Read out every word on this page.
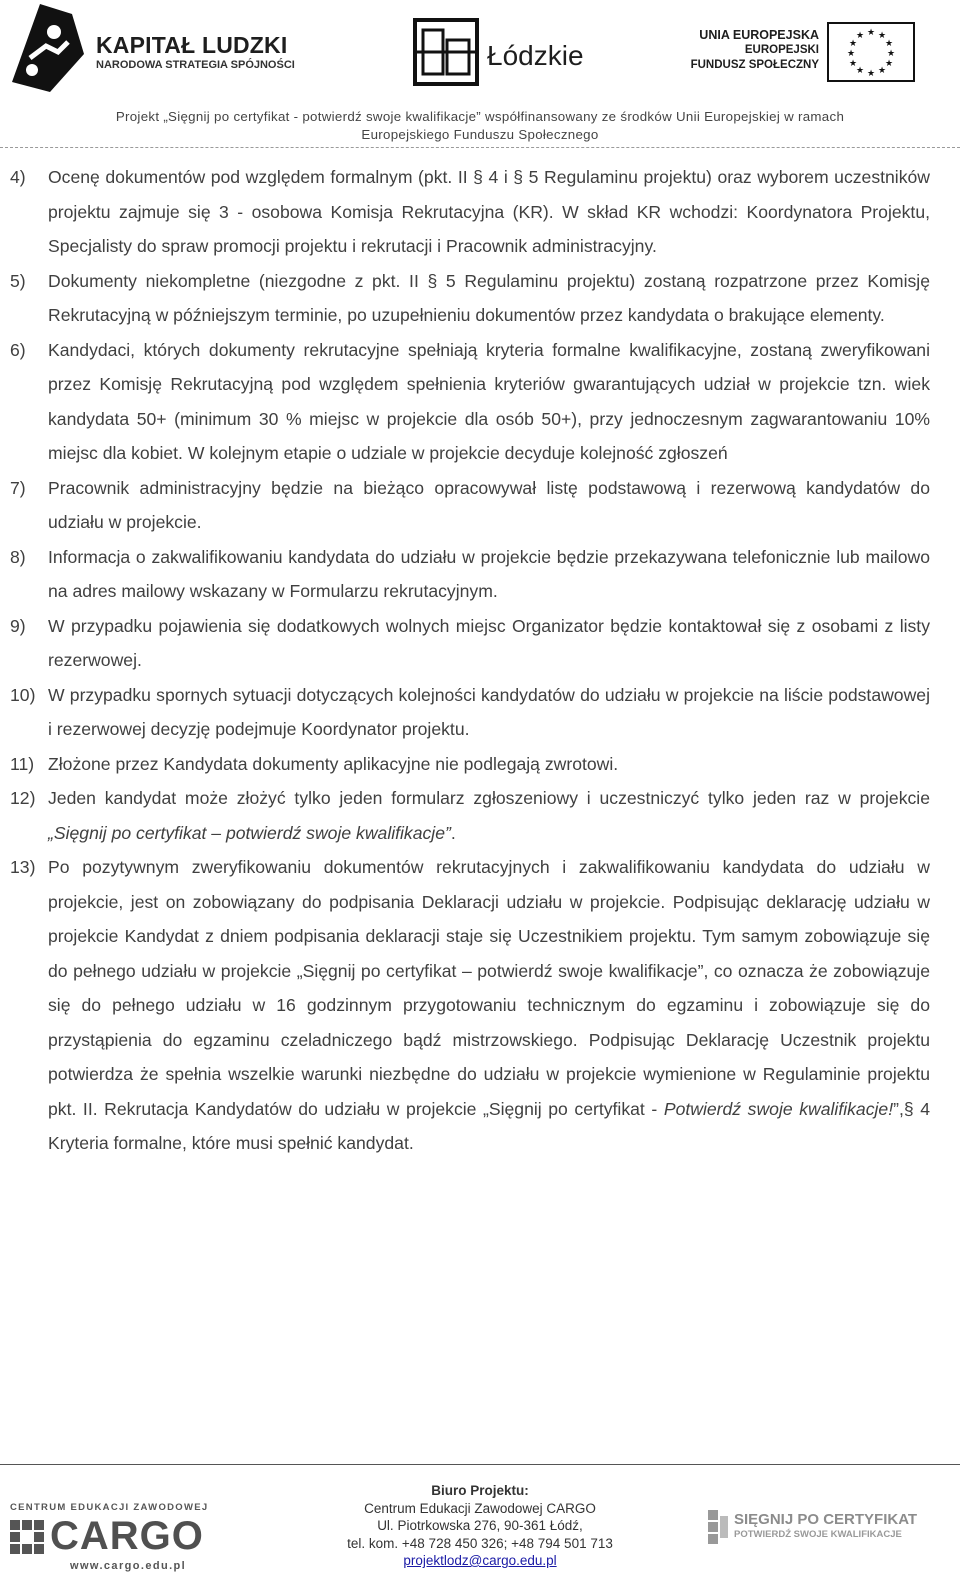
KAPITAŁ LUDZKI
NARODOWA STRATEGIA SPÓJNOŚCI	Łódzkie
UNIA EUROPEJSKA
EUROPEJSKI
FUNDUSZ SPOŁECZNY
★ ★
★
★
★
★
★
★
★
★
★
★
Projekt „Sięgnij po certyfikat - potwierdź swoje kwalifikacje” współfinansowany ze środków Unii Europejskiej w ramach
Europejskiego Funduszu Społecznego
4) Ocenę dokumentów pod względem formalnym (pkt. II § 4 i § 5 Regulaminu projektu) oraz wyborem uczestników projektu zajmuje się 3 - osobowa Komisja Rekrutacyjna (KR). W skład KR wchodzi: Koordynatora Projektu, Specjalisty do spraw promocji projektu i rekrutacji i Pracownik administracyjny.
5) Dokumenty niekompletne (niezgodne z pkt. II § 5 Regulaminu projektu) zostaną rozpatrzone przez Komisję Rekrutacyjną w późniejszym terminie, po uzupełnieniu dokumentów przez kandydata o brakujące elementy.
6) Kandydaci, których dokumenty rekrutacyjne spełniają kryteria formalne kwalifikacyjne, zostaną zweryfikowani przez Komisję Rekrutacyjną pod względem spełnienia kryteriów gwarantujących udział w projekcie tzn. wiek kandydata 50+ (minimum 30 % miejsc w projekcie dla osób 50+), przy jednoczesnym zagwarantowaniu 10% miejsc dla kobiet. W kolejnym etapie o udziale w projekcie decyduje kolejność zgłoszeń
7) Pracownik administracyjny będzie na bieżąco opracowywał listę podstawową i rezerwową kandydatów do udziału w projekcie.
8) Informacja o zakwalifikowaniu kandydata do udziału w projekcie będzie przekazywana telefonicznie lub mailowo na adres mailowy wskazany w Formularzu rekrutacyjnym.
9) W przypadku pojawienia się dodatkowych wolnych miejsc Organizator będzie kontaktował się z osobami z listy rezerwowej.
10) W przypadku spornych sytuacji dotyczących kolejności kandydatów do udziału w projekcie na liście podstawowej i rezerwowej decyzję podejmuje Koordynator projektu.
11) Złożone przez Kandydata dokumenty aplikacyjne nie podlegają zwrotowi.
12) Jeden kandydat może złożyć tylko jeden formularz zgłoszeniowy i uczestniczyć tylko jeden raz w projekcie „Sięgnij po certyfikat – potwierdź swoje kwalifikacje”.
13) Po pozytywnym zweryfikowaniu dokumentów rekrutacyjnych i zakwalifikowaniu kandydata do udziału w projekcie, jest on zobowiązany do podpisania Deklaracji udziału w projekcie. Podpisując deklarację udziału w projekcie Kandydat z dniem podpisania deklaracji staje się Uczestnikiem projektu. Tym samym zobowiązuje się do pełnego udziału w projekcie „Sięgnij po certyfikat – potwierdź swoje kwalifikacje”, co oznacza że zobowiązuje się do pełnego udziału w 16 godzinnym przygotowaniu technicznym do egzaminu i zobowiązuje się do przystąpienia do egzaminu czeladniczego bądź mistrzowskiego. Podpisując Deklarację Uczestnik projektu potwierdza że spełnia wszelkie warunki niezbędne do udziału w projekcie wymienione w Regulaminie projektu pkt. II. Rekrutacja Kandydatów do udziału w projekcie „Sięgnij po certyfikat - Potwierdź swoje kwalifikacje!”,§ 4 Kryteria formalne, które musi spełnić kandydat.
CENTRUM EDUKACJI ZAWODOWEJ
CARGO
www.cargo.edu.pl
Biuro Projektu:
Centrum Edukacji Zawodowej CARGO
Ul. Piotrkowska 276, 90-361 Łódź,
tel. kom. +48 728 450 326; +48 794 501 713
projektlodz@cargo.edu.pl
SIĘGNIJ PO CERTYFIKAT
POTWIERDŹ SWOJE KWALIFIKACJE
